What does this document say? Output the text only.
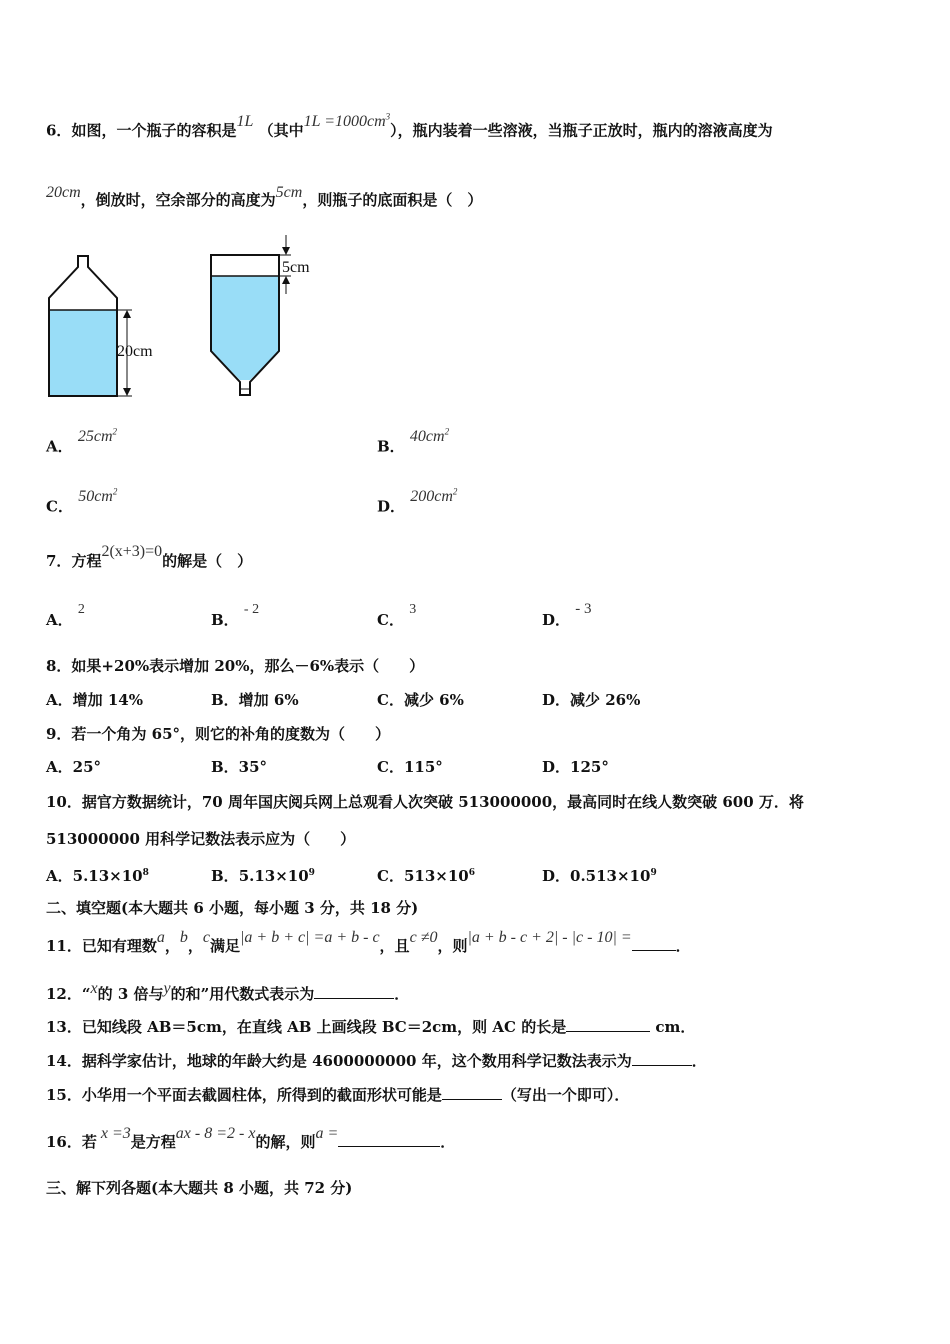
6．如图，一个瓶子的容积是1L （其中$1L =1000cm^3$），瓶内装着一些溶液，当瓶子正放时，瓶内的溶液高度为
20cm，倒放时，空余部分的高度为5cm，则瓶子的底面积是（　）
20cm
5cm
A． $25cm^2$
B． $40cm^2$
C． $50cm^2$
D． $200cm^2$
7．方程2(x+3)=0的解是（　）
A． 2
B． - 2
C． 3
D． - 3
8．如果+20%表示增加 20%，那么－6%表示（　　）
A．增加 14%	B．增加 6%	C．减少 6%	D．减少 26%
9．若一个角为 65°，则它的补角的度数为（　　）
A．25°	B．35°	C．115°	D．125°
10．据官方数据统计，70 周年国庆阅兵网上总观看人次突破 513000000，最高同时在线人数突破 600 万．将
513000000 用科学记数法表示应为（　　）
A．$5.13\times 10^8$	B．$5.13\times 10^9$	C．$513\times 10^6$	D．$0.513\times 10^9$
二、填空题(本大题共 6 小题，每小题 3 分，共 18 分)
11．已知有理数a，b，c满足|a + b + c| =a + b - c，且c ≠0，则|a + b - c + 2| - |c - 10| =	．
12．“x的 3 倍与y的和”用代数式表示为	．
13．已知线段 AB＝5cm，在直线 AB 上画线段 BC＝2cm，则 AC 的长是	cm．
14．据科学家估计，地球的年龄大约是 4600000000 年，这个数用科学记数法表示为	．
15．小华用一个平面去截圆柱体，所得到的截面形状可能是	（写出一个即可）．
16．若 x =3是方程ax - 8 =2 - x的解，则a =	．
三、解下列各题(本大题共 8 小题，共 72 分)
